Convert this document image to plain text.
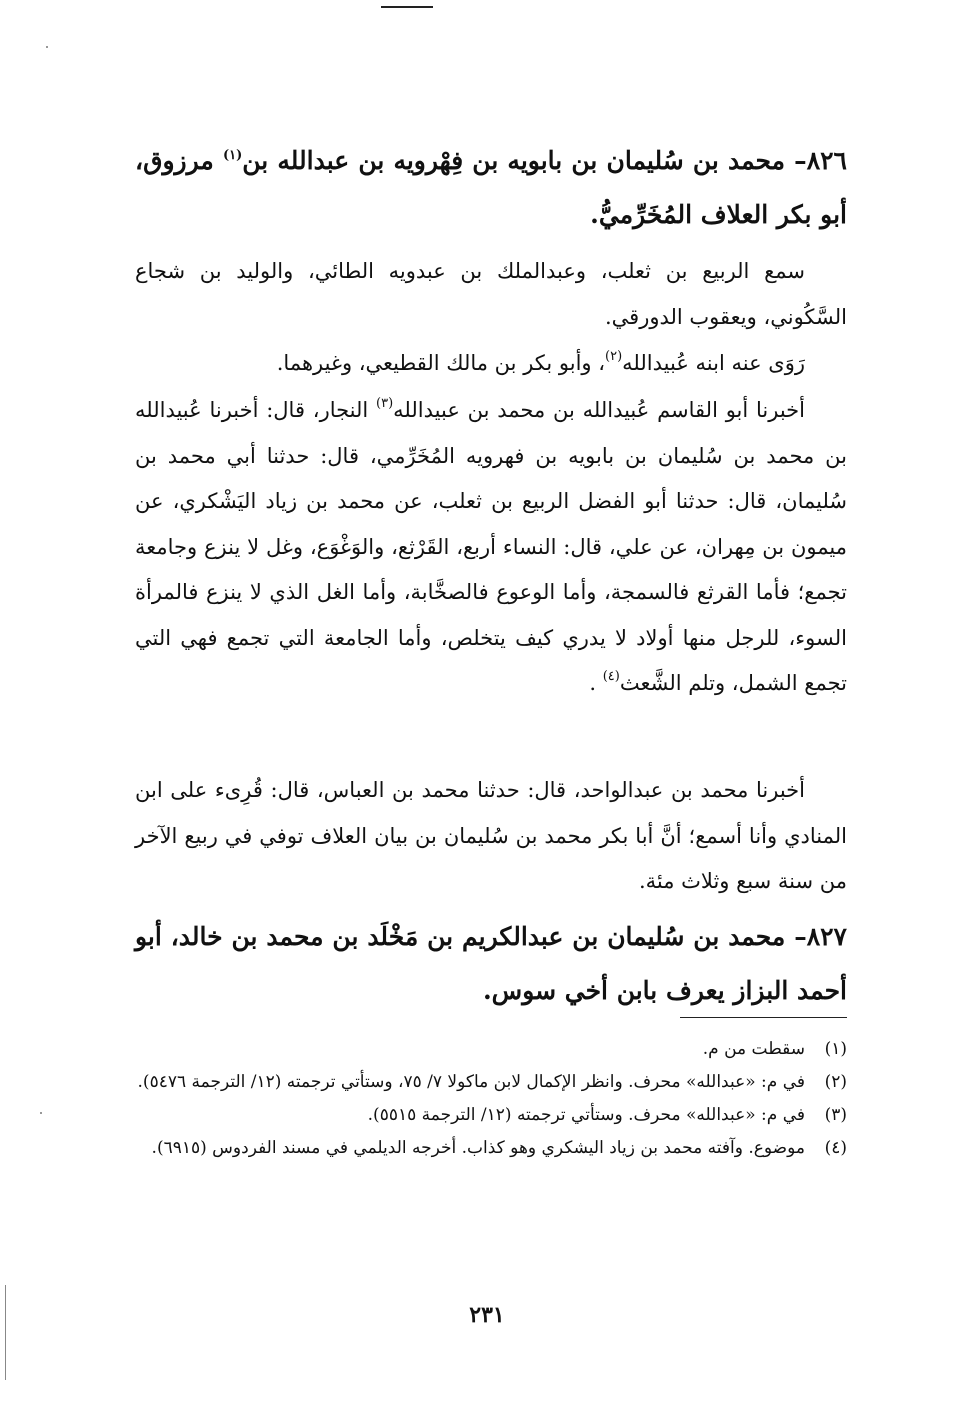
٨٢٦– محمد بن سُليمان بن بابويه بن فِهْرويه بن عبدالله بن$^{(١)}$ مرزوق، أبو بكر العلاف المُخَرِّميُّ.
سمع الربيع بن ثعلب، وعبدالملك بن عبدويه الطائي، والوليد بن شجاع السَّكُوني، ويعقوب الدورقي.
رَوَى عنه ابنه عُبيدالله$^{(٢)}$، وأبو بكر بن مالك القطيعي، وغيرهما.
أخبرنا أبو القاسم عُبيدالله بن محمد بن عبيدالله$^{(٣)}$ النجار، قال: أخبرنا عُبيدالله بن محمد بن سُليمان بن بابويه بن فهرويه المُخَرِّمي، قال: حدثنا أبي محمد بن سُليمان، قال: حدثنا أبو الفضل الربيع بن ثعلب، عن محمد بن زياد اليَشْكري، عن ميمون بن مِهران، عن علي، قال: النساء أربع، القَرْثع، والوَغْوَع، وغل لا ينزع وجامعة تجمع؛ فأما القرثع فالسمجة، وأما الوعوع فالصخَّابة، وأما الغل الذي لا ينزع فالمرأة السوء، للرجل منها أولاد لا يدري كيف يتخلص، وأما الجامعة التي تجمع فهي التي تجمع الشمل، وتلم الشَّعث$^{(٤)}$ .
أخبرنا محمد بن عبدالواحد، قال: حدثنا محمد بن العباس، قال: قُرِىء على ابن المنادي وأنا أسمع؛ أنَّ أبا بكر محمد بن سُليمان بن بيان العلاف توفي في ربيع الآخر من سنة سبع وثلاث مئة.
٨٢٧– محمد بن سُليمان بن عبدالكريم بن مَخْلَد بن محمد بن خالد، أبو أحمد البزاز يعرف بابن أخي سوس.
(١)
سقطت من م.
(٢)
في م: «عبدالله» محرف. وانظر الإكمال لابن ماكولا ٧/ ٧٥، وستأتي ترجمته (١٢/ الترجمة ٥٤٧٦).
(٣)
في م: «عبدالله» محرف. وستأتي ترجمته (١٢/ الترجمة ٥٥١٥).
(٤)
موضوع. وآفته محمد بن زياد اليشكري وهو كذاب. أخرجه الديلمي في مسند الفردوس (٦٩١٥).
٢٣١
